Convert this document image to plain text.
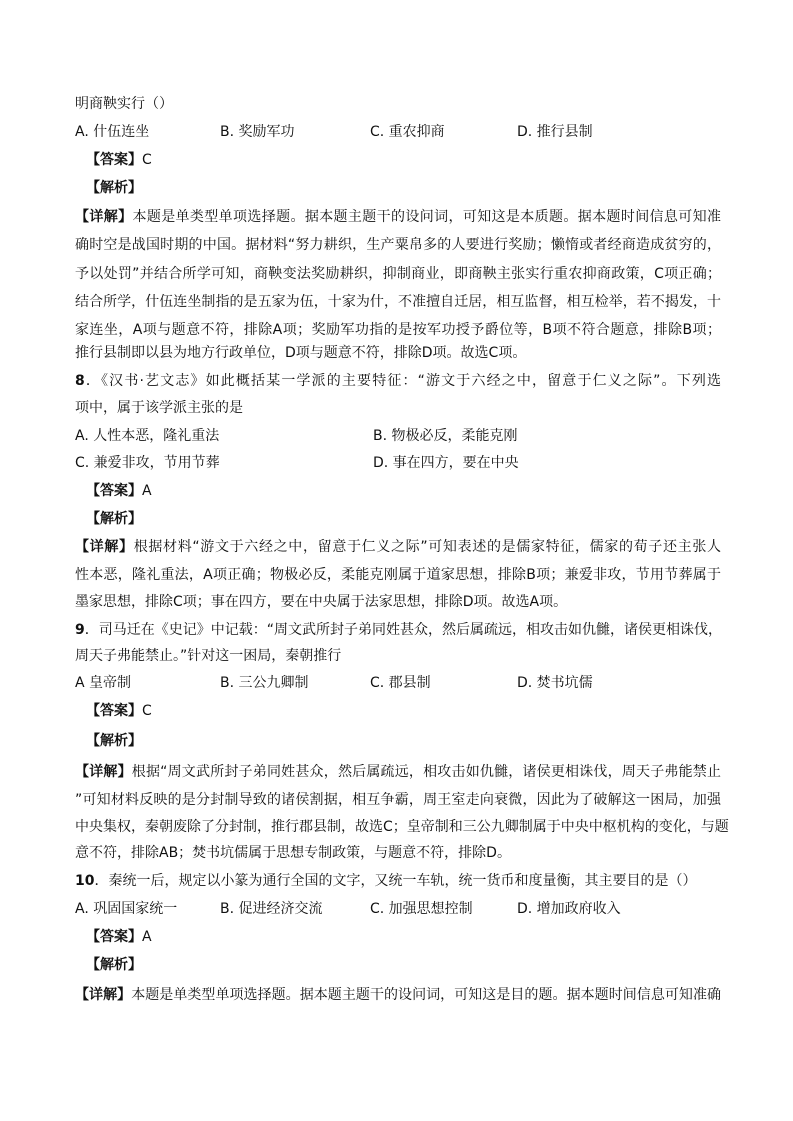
明商鞅实行（）
A. 什伍连坐	B. 奖励军功	C. 重农抑商	D. 推行县制
【答案】C
【解析】
【详解】本题是单类型单项选择题。据本题主题干的设问词，可知这是本质题。据本题时间信息可知准
确时空是战国时期的中国。据材料“努力耕织，生产粟帛多的人要进行奖励；懒惰或者经商造成贫穷的，
予以处罚”并结合所学可知，商鞅变法奖励耕织，抑制商业，即商鞅主张实行重农抑商政策，C项正确；
结合所学，什伍连坐制指的是五家为伍，十家为什，不准擅自迁居，相互监督，相互检举，若不揭发，十
家连坐，A项与题意不符，排除A项；奖励军功指的是按军功授予爵位等，B项不符合题意，排除B项；
推行县制即以县为地方行政单位，D项与题意不符，排除D项。故选C项。
8．《汉书·艺文志》如此概括某一学派的主要特征：“游文于六经之中，留意于仁义之际”。下列选
项中，属于该学派主张的是
A. 人性本恶，隆礼重法	B. 物极必反，柔能克刚
C. 兼爱非攻，节用节葬	D. 事在四方，要在中央
【答案】A
【解析】
【详解】根据材料“游文于六经之中，留意于仁义之际”可知表述的是儒家特征，儒家的荀子还主张人
性本恶，隆礼重法，A项正确；物极必反，柔能克刚属于道家思想，排除B项；兼爱非攻，节用节葬属于
墨家思想，排除C项；事在四方，要在中央属于法家思想，排除D项。故选A项。
9．司马迁在《史记》中记载：“周文武所封子弟同姓甚众，然后属疏远，相攻击如仇雠，诸侯更相诛伐，
周天子弗能禁止。”针对这一困局，秦朝推行
A 皇帝制	B. 三公九卿制	C. 郡县制	D. 焚书坑儒
【答案】C
【解析】
【详解】根据“周文武所封子弟同姓甚众，然后属疏远，相攻击如仇雠，诸侯更相诛伐，周天子弗能禁止
”可知材料反映的是分封制导致的诸侯割据，相互争霸，周王室走向衰微，因此为了破解这一困局，加强
中央集权，秦朝废除了分封制，推行郡县制，故选C；皇帝制和三公九卿制属于中央中枢机构的变化，与题
意不符，排除AB；焚书坑儒属于思想专制政策，与题意不符，排除D。
10．秦统一后，规定以小篆为通行全国的文字，又统一车轨，统一货币和度量衡，其主要目的是（）
A. 巩固国家统一	B. 促进经济交流	C. 加强思想控制	D. 增加政府收入
【答案】A
【解析】
【详解】本题是单类型单项选择题。据本题主题干的设问词，可知这是目的题。据本题时间信息可知准确
